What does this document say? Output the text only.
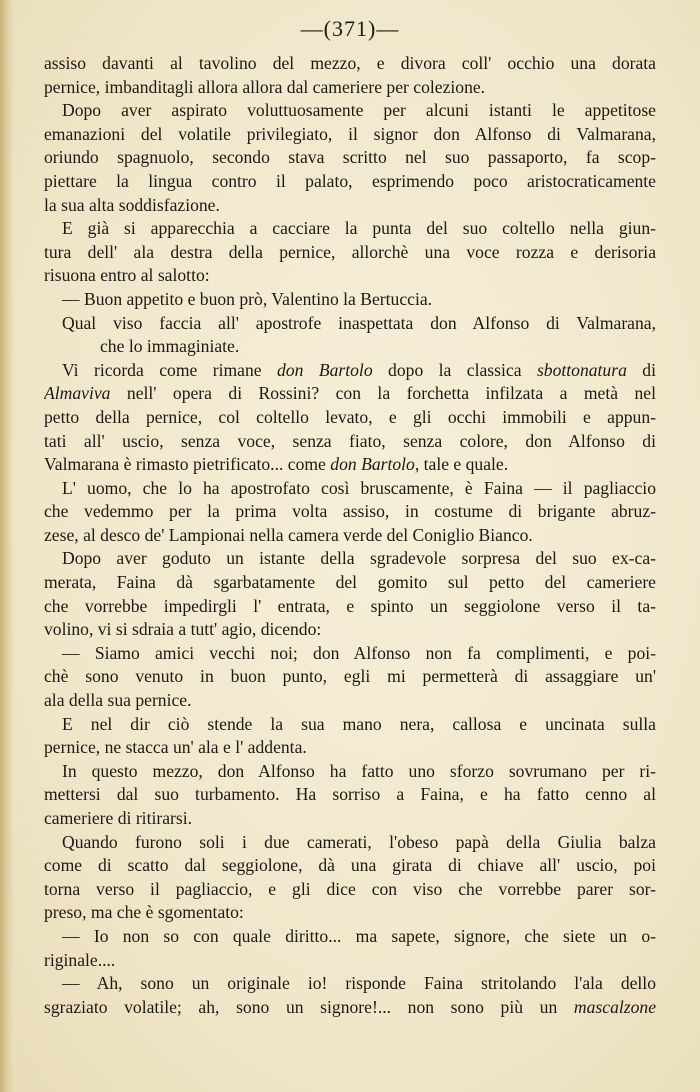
—(371)—
assiso davanti al tavolino del mezzo, e divora coll' occhio una dorata
pernice, imbanditagli allora allora dal cameriere per colezione.
Dopo aver aspirato voluttuosamente per alcuni istanti le appetitose
emanazioni del volatile privilegiato, il signor don Alfonso di Valmarana,
oriundo spagnuolo, secondo stava scritto nel suo passaporto, fa scop-
piettare la lingua contro il palato, esprimendo poco aristocraticamente
la sua alta soddisfazione.
E già si apparecchia a cacciare la punta del suo coltello nella giun-
tura dell' ala destra della pernice, allorchè una voce rozza e derisoria
risuona entro al salotto:
— Buon appetito e buon prò, Valentino la Bertuccia.
Qual viso faccia all' apostrofe inaspettata don Alfonso di Valmarana,
che lo immaginiate.
Vi ricorda come rimane don Bartolo dopo la classica sbottonatura di
Almaviva nell' opera di Rossini? con la forchetta infilzata a metà nel
petto della pernice, col coltello levato, e gli occhi immobili e appun-
tati all' uscio, senza voce, senza fiato, senza colore, don Alfonso di
Valmarana è rimasto pietrificato... come don Bartolo, tale e quale.
L' uomo, che lo ha apostrofato così bruscamente, è Faina — il pagliaccio
che vedemmo per la prima volta assiso, in costume di brigante abruz-
zese, al desco de' Lampionai nella camera verde del Coniglio Bianco.
Dopo aver goduto un istante della sgradevole sorpresa del suo ex-ca-
merata, Faina dà sgarbatamente del gomito sul petto del cameriere
che vorrebbe impedirgli l' entrata, e spinto un seggiolone verso il ta-
volino, vi si sdraia a tutt' agio, dicendo:
— Siamo amici vecchi noi; don Alfonso non fa complimenti, e poi-
chè sono venuto in buon punto, egli mi permetterà di assaggiare un'
ala della sua pernice.
E nel dir ciò stende la sua mano nera, callosa e uncinata sulla
pernice, ne stacca un' ala e l' addenta.
In questo mezzo, don Alfonso ha fatto uno sforzo sovrumano per ri-
mettersi dal suo turbamento. Ha sorriso a Faina, e ha fatto cenno al
cameriere di ritirarsi.
Quando furono soli i due camerati, l'obeso papà della Giulia balza
come di scatto dal seggiolone, dà una girata di chiave all' uscio, poi
torna verso il pagliaccio, e gli dice con viso che vorrebbe parer sor-
preso, ma che è sgomentato:
— Io non so con quale diritto... ma sapete, signore, che siete un o-
riginale....
— Ah, sono un originale io! risponde Faina stritolando l'ala dello
sgraziato volatile; ah, sono un signore!... non sono più un mascalzone
